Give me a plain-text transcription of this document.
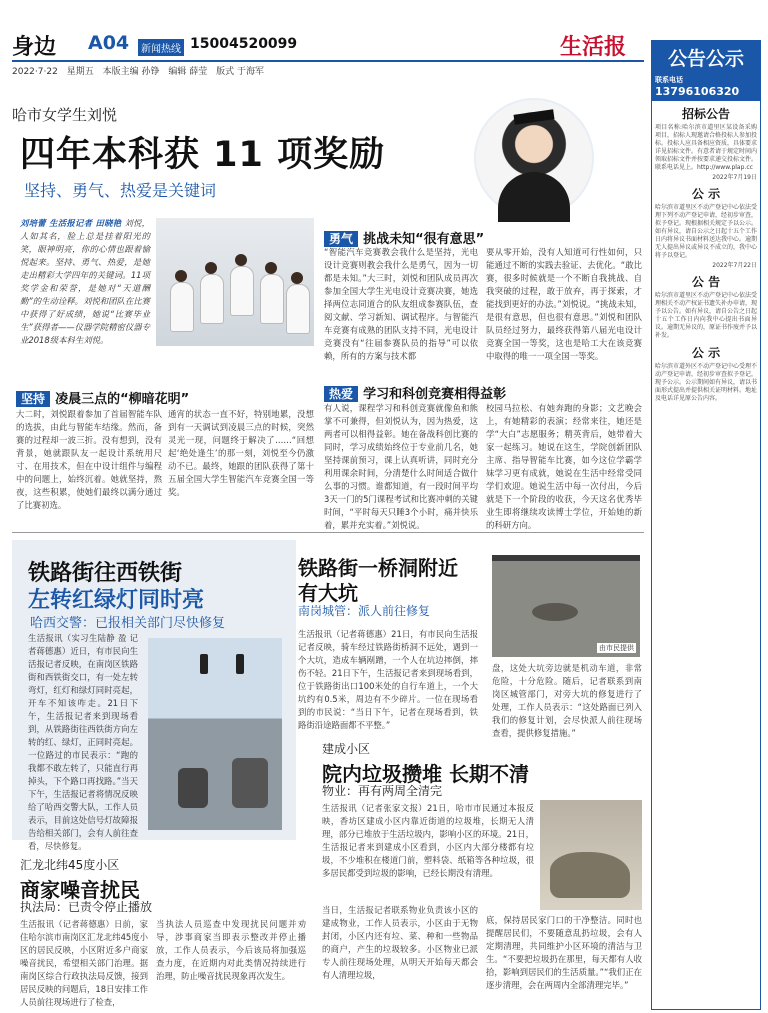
身边 A04	新闻热线 15004520099	生活报
2022·7·22 星期五 本版主编 孙铮 编辑 薛莹 版式 于海军
公告公示
联系电话 13796106320
招标公告
项目名称:哈尔滨市道里区某设备采购项目，招标人现邀请合格投标人参加投标。投标人应具备相应资质，具体要求详见招标文件。有意者请于规定时间内领取招标文件并按要求递交投标文件。联系电话见上。http://www.plap.cc
2022年7月19日
公 示
哈尔滨市道里区不动产登记中心依法受理下列不动产登记申请，经初步审查，拟予登记。现根据相关规定予以公示。如有异议，请自公示之日起十五个工作日内将异议书面材料送达我中心。逾期无人提出异议或异议不成立的，我中心将予以登记。
2022年7月22日
公 告
哈尔滨市道里区不动产登记中心依法受理相关不动产权证书遗失补办申请，现予以公告。如有异议，请自公告之日起十五个工作日内向我中心提出书面异议。逾期无异议的，原证书作废并予以补发。
公 示
哈尔滨市道外区不动产登记中心受理不动产登记申请，经初步审查拟予登记，现予公示。公示期间如有异议，请以书面形式提出并提供相关证明材料。地址及电话详见原公告内容。
哈市女学生刘悦
四年本科获 11 项奖励
坚持、勇气、热爱是关键词
刘培蕾 生活报记者 田晓艳 刘悦，人如其名，脸上总是挂着阳光的笑，眼神明亮，你的心情也跟着愉悦起来。坚持、勇气、热爱，是她走出精彩大学四年的关键词。11项奖学金和荣誉，是她对“天道酬勤”的生动诠释。刘悦和团队在比赛中获得了好成绩，她说“比赛毕业生”获得者——仪器学院精密仪器专业2018级本科生刘悦。
勇气 挑战未知“很有意思”
“智能汽车竞赛教会我什么是坚持，光电设计竞赛则教会我什么是勇气，因为一切都是未知。”大三时，刘悦和团队成员再次参加全国大学生光电设计竞赛决赛，她选择两位志同道合的队友组成参赛队伍，查阅文献、学习新知、调试程序。与智能汽车竞赛有成熟的团队支持不同，光电设计竞赛没有“往届参赛队员的指导”可以依赖，所有的方案与技术都
要从零开始，没有人知道可行性如何，只能通过不断的实践去验证、去优化。“敢比赛，很多时候就是一个不断自我挑战、自我突破的过程，敢于放弃，再于探索，才能找到更好的办法。”刘悦说。“挑战未知，是很有意思，但也很有意思。”刘悦和团队队员经过努力，最终获得第八届光电设计竞赛全国一等奖，这也是哈工大在该竞赛中取得的唯一一项全国一等奖。
热爱 学习和科创竞赛相得益彰
有人说，课程学习和科创竞赛就像鱼和熊掌不可兼得，但刘悦认为，因为热爱，这两者可以相得益彰。她在备战科创比赛的同时，学习成绩始终位于专业前几名，她坚持课前预习，课上认真听讲，同时充分利用课余时间，分清楚什么时间适合做什么事的习惯。谁都知道，有一段时间平均3天一门的5门课程考试和比赛冲刺的关键时间，“平时每天只睡3个小时，痛并快乐着，累并充实着。”刘悦说。
校园马拉松、有她奔跑的身影；文艺晚会上，有她精彩的表演；经常来往，她还是学“大白”志愿服务；精英背后，她带着大家一起练习。她说在这生，学院创新团队主席、指导智能车比赛，如今这位学霸学妹学习更有成就，她说在生活中经常受同学们欢迎。她说生活中每一次付出，今后就是下一个阶段的收获，今天这名优秀毕业生即将继续攻读博士学位，开始她的新的科研方向。
坚持 凌晨三点的“柳暗花明”
大二时，刘悦跟着参加了首届智能车队的选拔，由此与智能车结缘。然而，备赛的过程却一波三折。没有想到，没有背景，她就跟队友一起设计系统用尺寸、在用技术，但在中设计组件与编程中的问题上，始终沉着。她就坚持，熬夜，这些积累，使她们最终以满分通过了比赛初选。
通宵的状态一直不好，特别地累，没想到有一天调试到凌晨三点的时候，突然灵光一现，问题终于解决了……“回想起‘绝处逢生’的那一刻，刘悦至今仍激动不已。最终，她跟的团队获得了第十五届全国大学生智能汽车竞赛全国一等奖。
铁路街往西铁街
左转红绿灯同时亮
哈西交警：已报相关部门尽快修复
生活报讯（实习生陆静 盈 记者蒋德惠）近日，有市民向生活报记者反映，在南岗区铁路街和西铁街交口，有一处左转弯灯，红灯和绿灯同时亮起，开车不知该咋走。21日下午，生活报记者来到现场看到，从铁路街往西铁街方向左转的红、绿灯，正同时亮起。一位路过的市民表示：“跑的我都不敢左转了，只能直行再掉头，下个路口再找路。”当天下午，生活报记者将情况反映给了哈西交警大队，工作人员表示，目前这处信号灯故障报告给相关部门，会有人前往查看，尽快修复。
铁路街一桥洞附近
有大坑
南岗城管：派人前往修复
由市民提供
生活报讯（记者蒋德惠）21日，有市民向生活报记者反映，骑车经过铁路街桥洞不远处，遇到一个大坑，造成车辆剐蹭，一个人在坑边摔倒，摔伤不轻。21日下午，生活报记者来到现场看到，位于铁路街出口100米处的自行车道上，一个大坑约有0.5米，周边有不少碎片。一位在现场看到的市民说：“当日下午，记者在现场看到，铁路街沿途路面都不平整。”
盘，这处大坑旁边就是机动车道，非常危险，十分危险。随后，记者联系到南岗区城管部门，对旁大坑的修复进行了处理，工作人员表示：“这处路面已列入我们的修复计划，会尽快派人前往现场查看，提供修复措施。”
建成小区
院内垃圾攒堆 长期不清
物业：再有两周全清完
生活报讯（记者张家文报）21日，哈市市民通过本报反映，香坊区建成小区内靠近街道的垃圾堆，长期无人清理，部分已堆放于生活垃圾内，影响小区的环境。21日，生活报记者来到建成小区看到，小区内大部分楼都有垃圾，不少堆积在楼道门前，塑料袋、纸箱等各种垃圾，很多居民都受到垃圾的影响，已经长期没有清理。
当日，生活报记者联系物业负责该小区的建成物业，工作人员表示，小区由于无物封闭，小区内还有垃、菜、种和一些物品的商户，产生的垃圾较多。小区物业已派专人前往现场处理，从明天开始每天都会有人清理垃圾，
底，保持居民家门口的干净整洁。同时也提醒居民们，不要随意乱扔垃圾，会有人定期清理，共同维护小区环境的清洁与卫生。“不要把垃圾扔在那里，每天都有人收拾，影响到居民们的生活质量。”“我们正在逐步清理，会在两周内全部清理完毕。”
汇龙北纬45度小区
商家噪音扰民
执法局：已责令停止播放
生活报讯（记者蒋德惠）日前，家住哈尔滨市南岗区汇龙北纬45度小区的居民反映，小区附近多户商家噪音扰民，希望相关部门治理。据南岗区综合行政执法局反馈，接到居民反映的问题后，18日安排工作人员前往现场进行了检查，
当执法人员巡查中发现扰民问题并劝导，涉事商家当即表示整改并停止播放，工作人员表示，今后该局将加强巡查力度，在近期内对此类情况持续进行治理，防止噪音扰民现象再次发生。
